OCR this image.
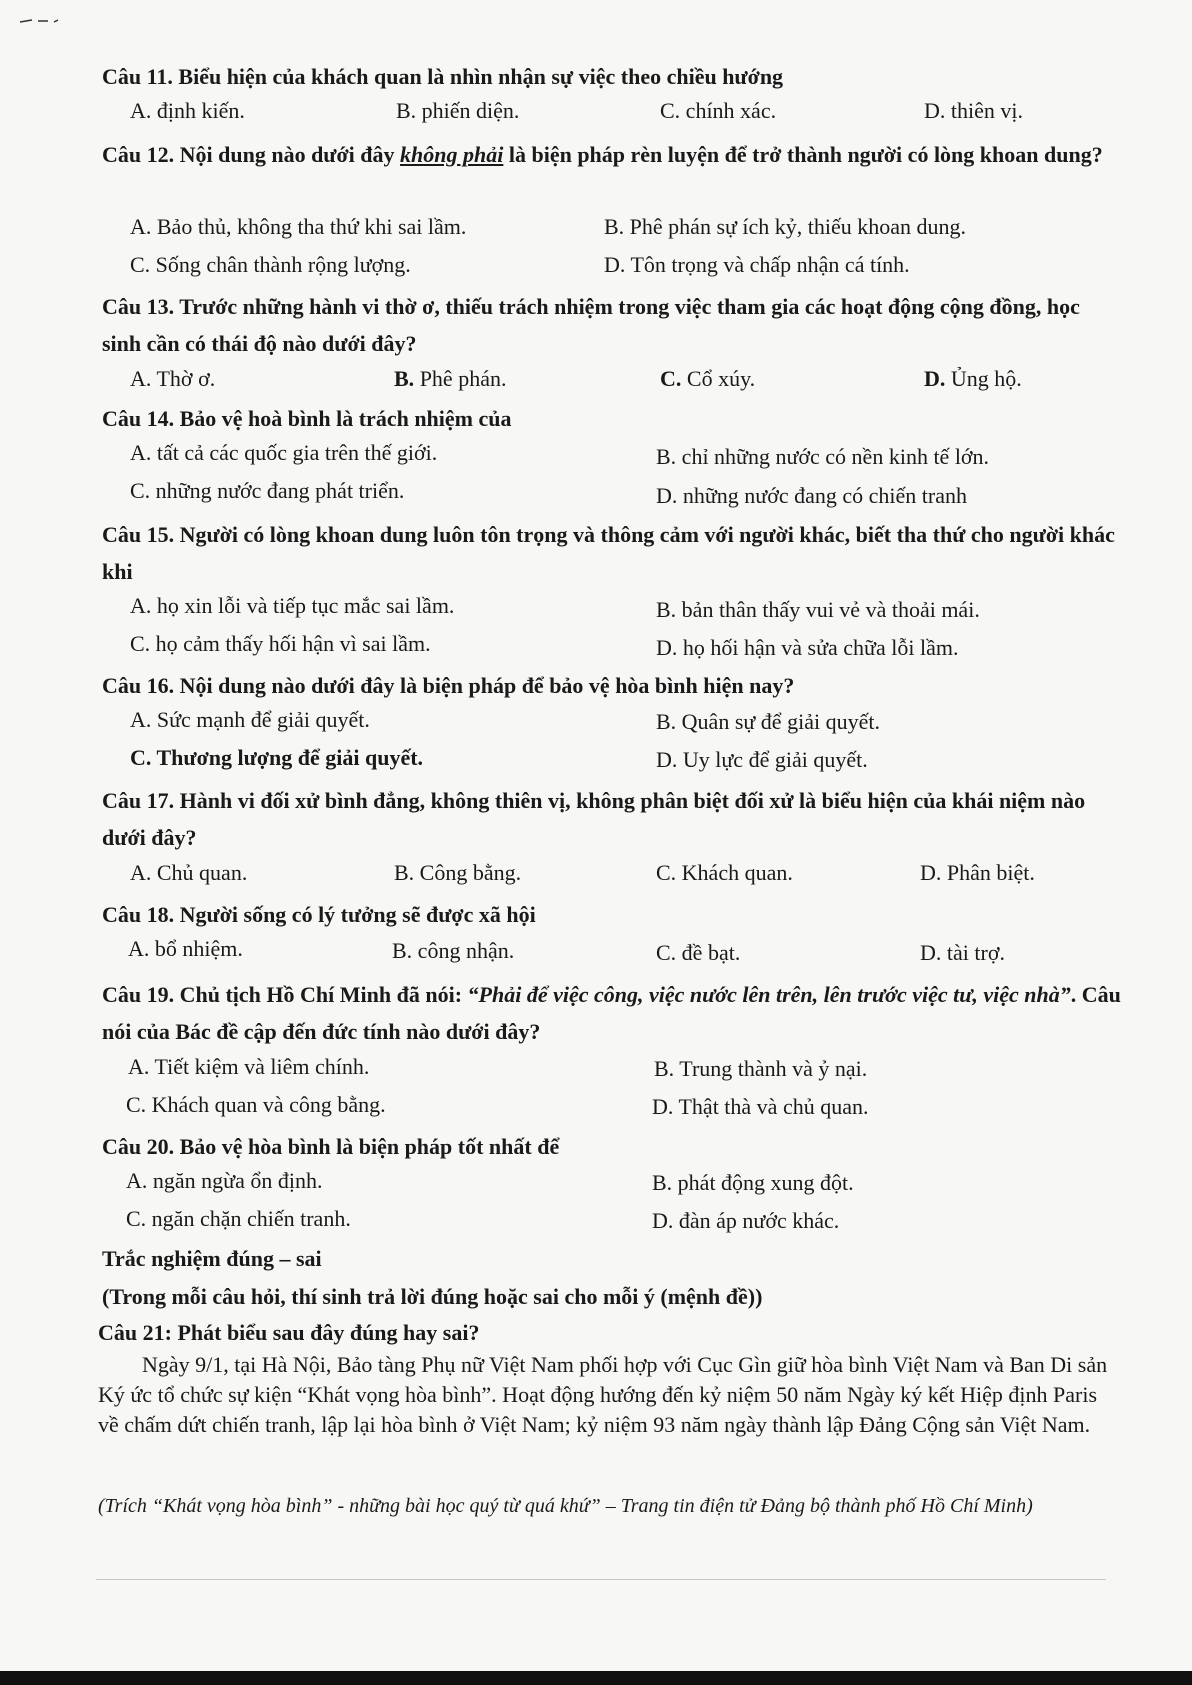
Câu 11. Biểu hiện của khách quan là nhìn nhận sự việc theo chiều hướng
A. định kiến.	B. phiến diện.	C. chính xác.	D. thiên vị.
Câu 12. Nội dung nào dưới đây không phải là biện pháp rèn luyện để trở thành người có lòng khoan dung?
A. Bảo thủ, không tha thứ khi sai lầm.	B. Phê phán sự ích kỷ, thiếu khoan dung.
C. Sống chân thành rộng lượng.	D. Tôn trọng và chấp nhận cá tính.
Câu 13. Trước những hành vi thờ ơ, thiếu trách nhiệm trong việc tham gia các hoạt động cộng đồng, học sinh cần có thái độ nào dưới đây?
A. Thờ ơ.	B. Phê phán.	C. Cổ xúy.	D. Ủng hộ.
Câu 14. Bảo vệ hoà bình là trách nhiệm của
A. tất cả các quốc gia trên thế giới.	B. chỉ những nước có nền kinh tế lớn.
C. những nước đang phát triển.	D. những nước đang có chiến tranh
Câu 15. Người có lòng khoan dung luôn tôn trọng và thông cảm với người khác, biết tha thứ cho người khác khi
A. họ xin lỗi và tiếp tục mắc sai lầm.	B. bản thân thấy vui vẻ và thoải mái.
C. họ cảm thấy hối hận vì sai lầm.	D. họ hối hận và sửa chữa lỗi lầm.
Câu 16. Nội dung nào dưới đây là biện pháp để bảo vệ hòa bình hiện nay?
A. Sức mạnh để giải quyết.	B. Quân sự để giải quyết.
C. Thương lượng để giải quyết.	D. Uy lực để giải quyết.
Câu 17. Hành vi đối xử bình đẳng, không thiên vị, không phân biệt đối xử là biểu hiện của khái niệm nào dưới đây?
A. Chủ quan.	B. Công bằng.	C. Khách quan.	D. Phân biệt.
Câu 18. Người sống có lý tưởng sẽ được xã hội
A. bổ nhiệm.	B. công nhận.	C. đề bạt.	D. tài trợ.
Câu 19. Chủ tịch Hồ Chí Minh đã nói: “Phải để việc công, việc nước lên trên, lên trước việc tư, việc nhà”. Câu nói của Bác đề cập đến đức tính nào dưới đây?
A. Tiết kiệm và liêm chính.	B. Trung thành và ỷ nại.
C. Khách quan và công bằng.	D. Thật thà và chủ quan.
Câu 20. Bảo vệ hòa bình là biện pháp tốt nhất để
A. ngăn ngừa ổn định.	B. phát động xung đột.
C. ngăn chặn chiến tranh.	D. đàn áp nước khác.
Trắc nghiệm đúng – sai
(Trong mỗi câu hỏi, thí sinh trả lời đúng hoặc sai cho mỗi ý (mệnh đề))
Câu 21: Phát biểu sau đây đúng hay sai?
Ngày 9/1, tại Hà Nội, Bảo tàng Phụ nữ Việt Nam phối hợp với Cục Gìn giữ hòa bình Việt Nam và Ban Di sản Ký ức tổ chức sự kiện “Khát vọng hòa bình”. Hoạt động hướng đến kỷ niệm 50 năm Ngày ký kết Hiệp định Paris về chấm dứt chiến tranh, lập lại hòa bình ở Việt Nam; kỷ niệm 93 năm ngày thành lập Đảng Cộng sản Việt Nam.
(Trích “Khát vọng hòa bình” - những bài học quý từ quá khứ” – Trang tin điện tử Đảng bộ thành phố Hồ Chí Minh)
